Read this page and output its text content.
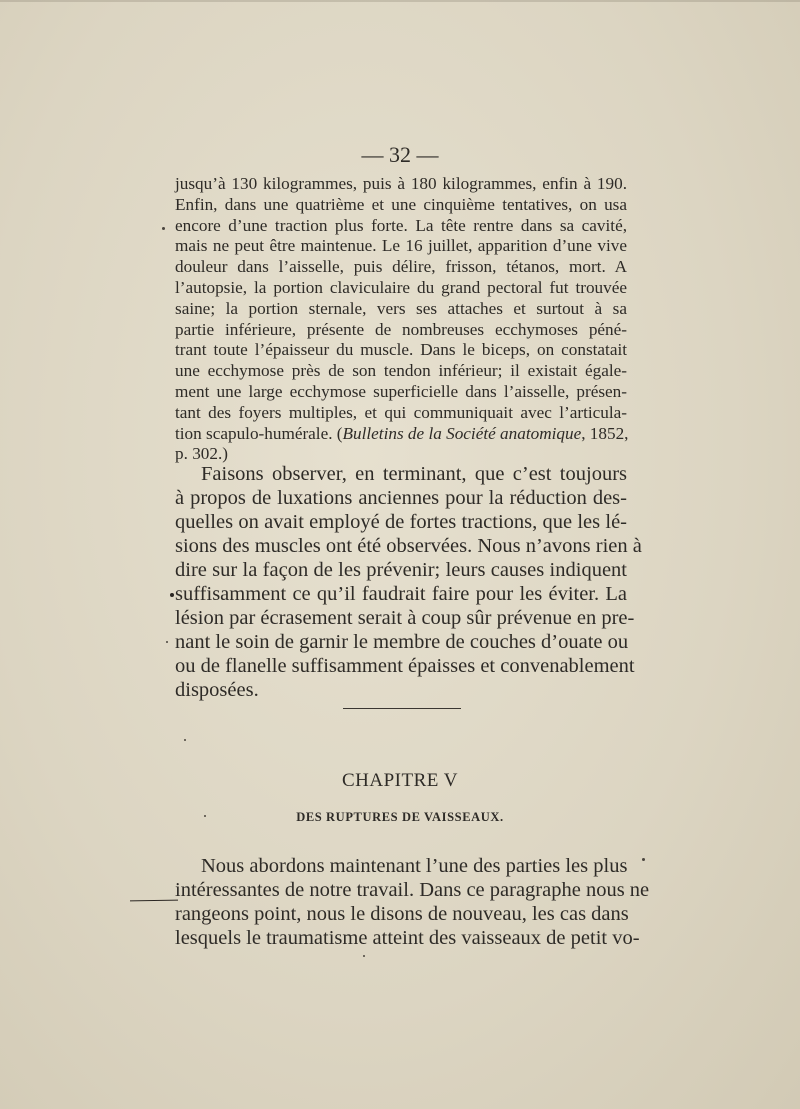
— 32 —
jusqu’à 130 kilogrammes, puis à 180 kilogrammes, enfin à 190.
Enfin, dans une quatrième et une cinquième tentatives, on usa
encore d’une traction plus forte. La tête rentre dans sa cavité,
mais ne peut être maintenue. Le 16 juillet, apparition d’une vive
douleur dans l’aisselle, puis délire, frisson, tétanos, mort. A
l’autopsie, la portion claviculaire du grand pectoral fut trouvée
saine; la portion sternale, vers ses attaches et surtout à sa
partie inférieure, présente de nombreuses ecchymoses péné-
trant toute l’épaisseur du muscle. Dans le biceps, on constatait
une ecchymose près de son tendon inférieur; il existait égale-
ment une large ecchymose superficielle dans l’aisselle, présen-
tant des foyers multiples, et qui communiquait avec l’articula-
tion scapulo-humérale. (Bulletins de la Société anatomique, 1852,
p. 302.)
Faisons observer, en terminant, que c’est toujours
à propos de luxations anciennes pour la réduction des-
quelles on avait employé de fortes tractions, que les lé-
sions des muscles ont été observées. Nous n’avons rien à
dire sur la façon de les prévenir; leurs causes indiquent
suffisamment ce qu’il faudrait faire pour les éviter. La
lésion par écrasement serait à coup sûr prévenue en pre-
nant le soin de garnir le membre de couches d’ouate ou
ou de flanelle suffisamment épaisses et convenablement
disposées.
CHAPITRE V
DES RUPTURES DE VAISSEAUX.
Nous abordons maintenant l’une des parties les plus
intéressantes de notre travail. Dans ce paragraphe nous ne
rangeons point, nous le disons de nouveau, les cas dans
lesquels le traumatisme atteint des vaisseaux de petit vo-
